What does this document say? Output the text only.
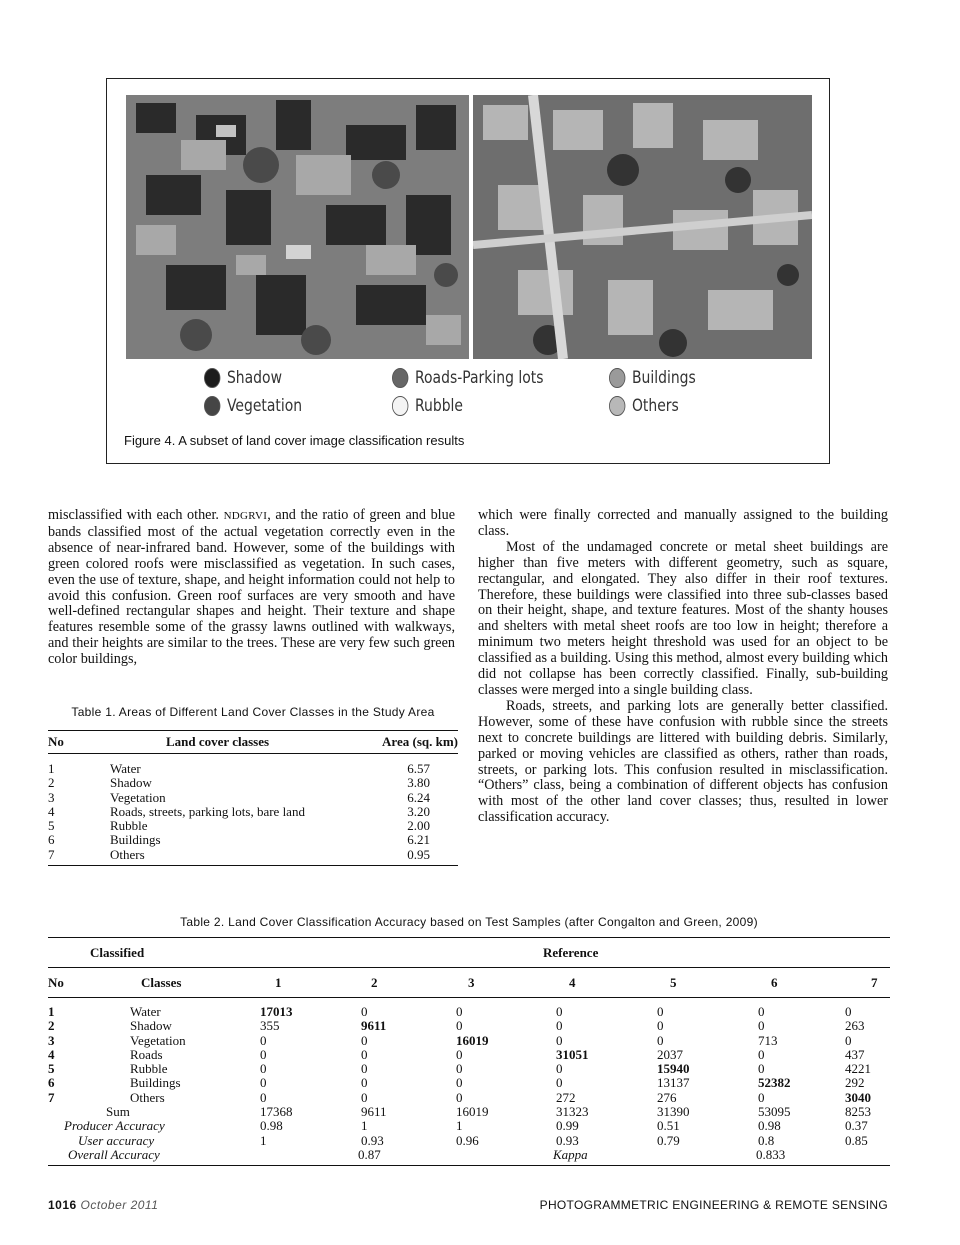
Shadow
Vegetation
Roads-Parking lots
Rubble
Buildings
Others
Figure 4. A subset of land cover image classification results

misclassified with each other. NDGRVI, and the ratio of green and blue bands classified most of the actual vegetation correctly even in the absence of near-infrared band. However, some of the buildings with green colored roofs were misclassified as vegetation. In such cases, even the use of texture, shape, and height information could not help to avoid this confusion. Green roof surfaces are very smooth and have well-defined rectangular shapes and height. Their texture and shape features resemble some of the grassy lawns outlined with walkways, and their heights are similar to the trees. These are very few such green color buildings,

which were finally corrected and manually assigned to the building class.

Most of the undamaged concrete or metal sheet buildings are higher than five meters with different geometry, such as square, rectangular, and elongated. They also differ in their roof textures. Therefore, these buildings were classified into three sub-classes based on their height, shape, and texture features. Most of the shanty houses and shelters with metal sheet roofs are too low in height; therefore a minimum two meters height threshold was used for an object to be classified as a building. Using this method, almost every building which did not collapse has been correctly classified. Finally, sub-building classes were merged into a single building class.

Roads, streets, and parking lots are generally better classified. However, some of these have confusion with rubble since the streets next to concrete buildings are littered with building debris. Similarly, parked or moving vehicles are classified as others, rather than roads, streets, or parking lots. This confusion resulted in misclassification. “Others” class, being a combination of different objects has confusion with most of the other land cover classes; thus, resulted in lower classification accuracy.

Table 1. Areas of Different Land Cover Classes in the Study Area
No	Land cover classes	Area (sq. km)
1	Water	6.57
2	Shadow	3.80
3	Vegetation	6.24
4	Roads, streets, parking lots, bare land	3.20
5	Rubble	2.00
6	Buildings	6.21
7	Others	0.95
Table 2. Land Cover Classification Accuracy based on Test Samples (after Congalton and Green, 2009)
Classified	Reference
No	Classes	1	2	3	4	5	6	7
1	Water	17013	0	0	0	0	0	0
2	Shadow	355	9611	0	0	0	0	263
3	Vegetation	0	0	16019	0	0	713	0
4	Roads	0	0	0	31051	2037	0	437
5	Rubble	0	0	0	0	15940	0	4221
6	Buildings	0	0	0	0	13137	52382	292
7	Others	0	0	0	272	276	0	3040
Sum	17368	9611	16019	31323	31390	53095	8253
Producer Accuracy	0.98	1	1	0.99	0.51	0.98	0.37
User accuracy	1	0.93	0.96	0.93	0.79	0.8	0.85
Overall Accuracy	0.87	Kappa	0.833
1016 October 2011	PHOTOGRAMMETRIC ENGINEERING & REMOTE SENSING
